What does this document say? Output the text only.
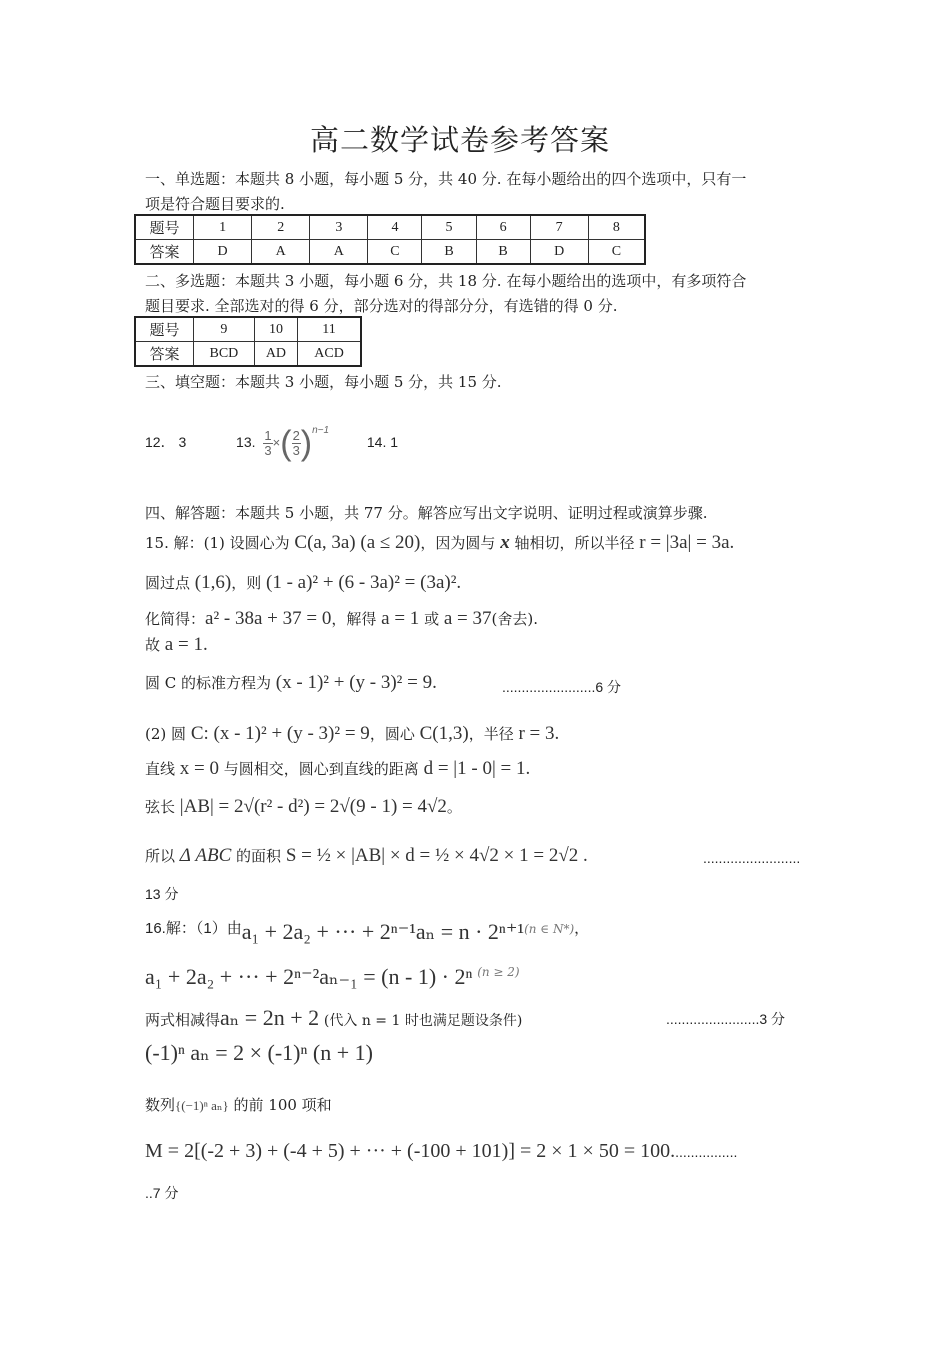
高二数学试卷参考答案
一、单选题：本题共 8 小题，每小题 5 分，共 40 分. 在每小题给出的四个选项中，只有一
项是符合题目要求的.
题号	1	2	3	4	5	6	7	8
答案	D	A	A	C	B	B	D	C
二、多选题：本题共 3 小题，每小题 6 分，共 18 分. 在每小题给出的选项中，有多项符合
题目要求. 全部选对的得 6 分，部分选对的得部分分，有选错的得 0 分.
题号	9	10	11
答案	BCD	AD	ACD
三、填空题：本题共 3 小题，每小题 5 分，共 15 分.
12． 3	13. $\frac{1}{3}$ ×( $\frac{2}{3} )^{n-1}$  14. 1
四、解答题：本题共 5 小题，共 77 分。解答应写出文字说明、证明过程或演算步骤.
15. 解：(1) 设圆心为 C(a, 3a) (a ≤ 20)，因为圆与 x 轴相切，所以半径 r = |3a| = 3a.
圆过点 (1,6)，则 (1 - a)² + (6 - 3a)² = (3a)².
化简得：a² - 38a + 37 = 0，解得 a = 1 或 a = 37(舍去).
故 a = 1.
圆 C 的标准方程为 (x - 1)² + (y - 3)² = 9.	........................6 分
(2) 圆 C: (x - 1)² + (y - 3)² = 9，圆心 C(1,3)，半径 r = 3.
直线 x = 0 与圆相交，圆心到直线的距离 d = |1 - 0| = 1.
弦长 |AB| = 2√(r² - d²) = 2√(9 - 1) = 4√2。
所以 Δ ABC 的面积 S = ½ × |AB| × d = ½ × 4√2 × 1 = 2√2 .	.........................
13 分
16.解：（1）由a₁ + 2a₂ + ··· + 2ⁿ⁻¹aₙ = n · 2ⁿ⁺¹(n ∈ N*)，
a₁ + 2a₂ + ··· + 2ⁿ⁻²aₙ₋₁ = (n - 1) · 2ⁿ $^{(n \ge 2)}$
两式相减得aₙ = 2n + 2 (代入 n = 1 时也满足题设条件)	........................3 分
(-1)ⁿ aₙ = 2 × (-1)ⁿ (n + 1)
数列{(−1)ⁿ aₙ} 的前 100 项和
M = 2[(-2 + 3) + (-4 + 5) + ··· + (-100 + 101)] = 2 × 1 × 50 = 100.................
..7 分
